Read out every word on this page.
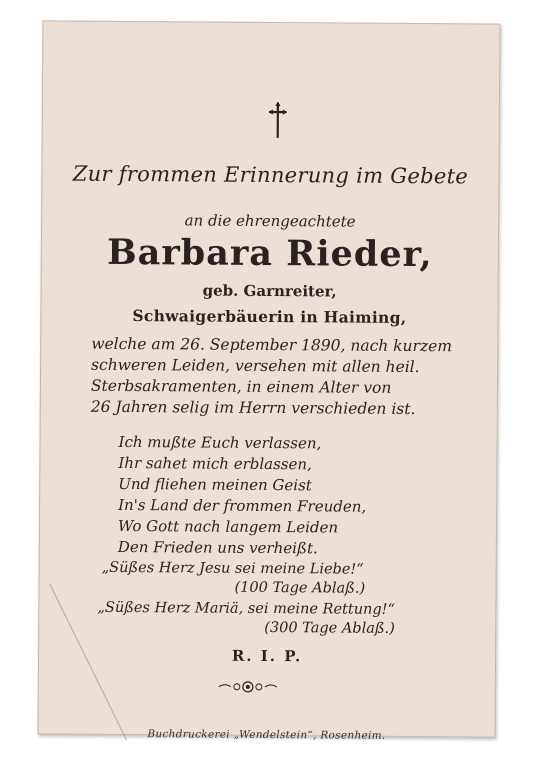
Zur frommen Erinnerung im Gebete
an die ehrengeachtete
Barbara Rieder,
geb. Garnreiter,
Schwaigerbäuerin in Haiming,
welche am 26. September 1890, nach kurzem
schweren Leiden, versehen mit allen heil.
Sterbsakramenten, in einem Alter von
26 Jahren selig im Herrn verschieden ist.
Ich mußte Euch verlassen,
Ihr sahet mich erblassen,
Und fliehen meinen Geist
In's Land der frommen Freuden,
Wo Gott nach langem Leiden
Den Frieden uns verheißt.
„Süßes Herz Jesu sei meine Liebe!“
(100 Tage Ablaß.)
„Süßes Herz Mariä, sei meine Rettung!“
(300 Tage Ablaß.)
R. I. P.
Buchdruckerei „Wendelstein“, Rosenheim.
